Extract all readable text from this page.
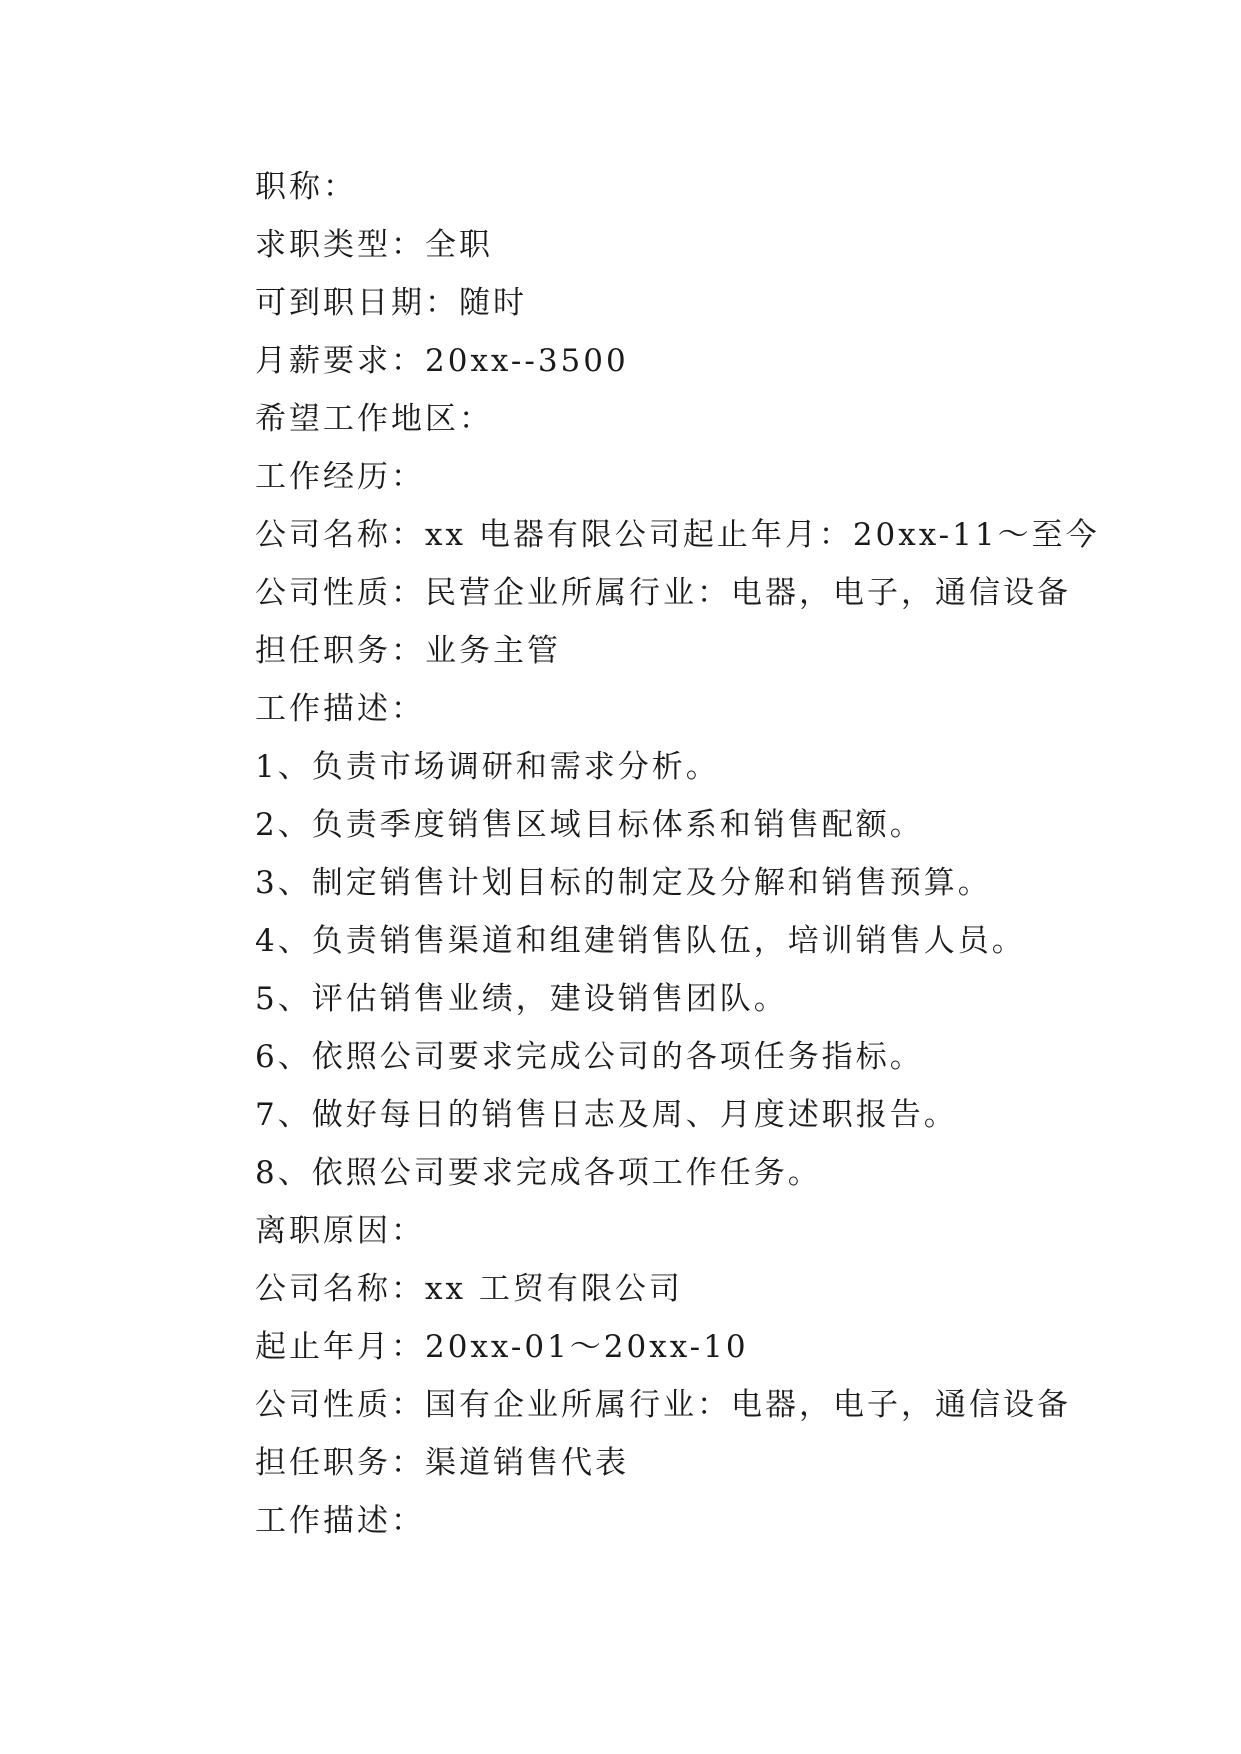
职称：
求职类型：全职
可到职日期：随时
月薪要求：20xx--3500
希望工作地区：
工作经历：
公司名称：xx 电器有限公司起止年月：20xx-11～至今
公司性质：民营企业所属行业：电器，电子，通信设备
担任职务：业务主管
工作描述：
1、负责市场调研和需求分析。
2、负责季度销售区域目标体系和销售配额。
3、制定销售计划目标的制定及分解和销售预算。
4、负责销售渠道和组建销售队伍，培训销售人员。
5、评估销售业绩，建设销售团队。
6、依照公司要求完成公司的各项任务指标。
7、做好每日的销售日志及周、月度述职报告。
8、依照公司要求完成各项工作任务。
离职原因：
公司名称：xx 工贸有限公司
起止年月：20xx-01～20xx-10
公司性质：国有企业所属行业：电器，电子，通信设备
担任职务：渠道销售代表
工作描述：
